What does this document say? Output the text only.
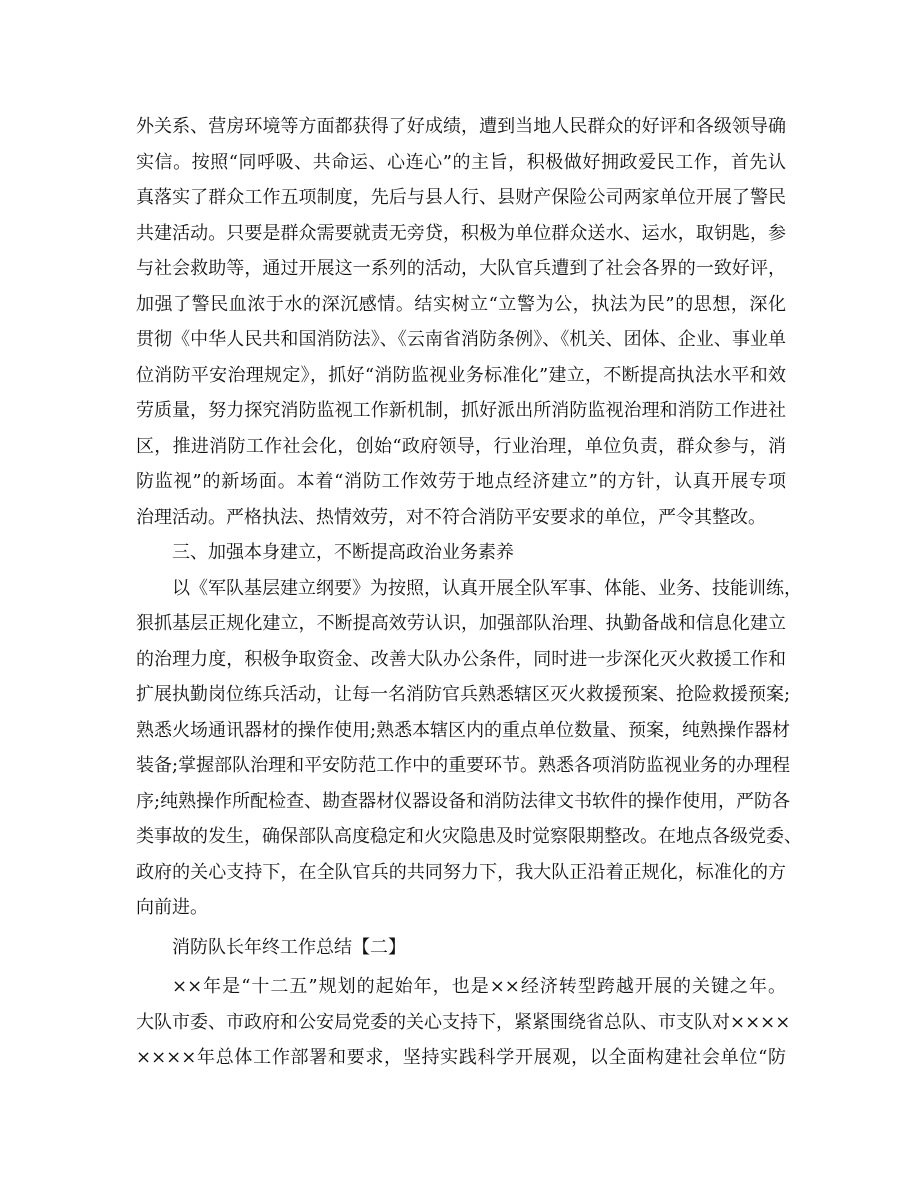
外关系、营房环境等方面都获得了好成绩，遭到当地人民群众的好评和各级领导确
实信。按照“同呼吸、共命运、心连心”的主旨，积极做好拥政爱民工作，首先认
真落实了群众工作五项制度，先后与县人行、县财产保险公司两家单位开展了警民
共建活动。只要是群众需要就责无旁贷，积极为单位群众送水、运水，取钥匙，参
与社会救助等，通过开展这一系列的活动，大队官兵遭到了社会各界的一致好评，
加强了警民血浓于水的深沉感情。结实树立“立警为公，执法为民”的思想，深化
贯彻《中华人民共和国消防法》、《云南省消防条例》、《机关、团体、企业、事业单
位消防平安治理规定》，抓好“消防监视业务标准化”建立，不断提高执法水平和效
劳质量，努力探究消防监视工作新机制，抓好派出所消防监视治理和消防工作进社
区，推进消防工作社会化，创始“政府领导，行业治理，单位负责，群众参与，消
防监视”的新场面。本着“消防工作效劳于地点经济建立”的方针，认真开展专项
治理活动。严格执法、热情效劳，对不符合消防平安要求的单位，严令其整改。
三、加强本身建立，不断提高政治业务素养
以《军队基层建立纲要》为按照，认真开展全队军事、体能、业务、技能训练，
狠抓基层正规化建立，不断提高效劳认识，加强部队治理、执勤备战和信息化建立
的治理力度，积极争取资金、改善大队办公条件，同时进一步深化灭火救援工作和
扩展执勤岗位练兵活动，让每一名消防官兵熟悉辖区灭火救援预案、抢险救援预案;
熟悉火场通讯器材的操作使用;熟悉本辖区内的重点单位数量、预案，纯熟操作器材
装备;掌握部队治理和平安防范工作中的重要环节。熟悉各项消防监视业务的办理程
序;纯熟操作所配检查、勘查器材仪器设备和消防法律文书软件的操作使用，严防各
类事故的发生，确保部队高度稳定和火灾隐患及时觉察限期整改。在地点各级党委、
政府的关心支持下，在全队官兵的共同努力下，我大队正沿着正规化，标准化的方
向前进。
消防队长年终工作总结【二】
××年是“十二五”规划的起始年，也是××经济转型跨越开展的关键之年。
大队市委、市政府和公安局党委的关心支持下，紧紧围绕省总队、市支队对××××
××××年总体工作部署和要求，坚持实践科学开展观，以全面构建社会单位“防
